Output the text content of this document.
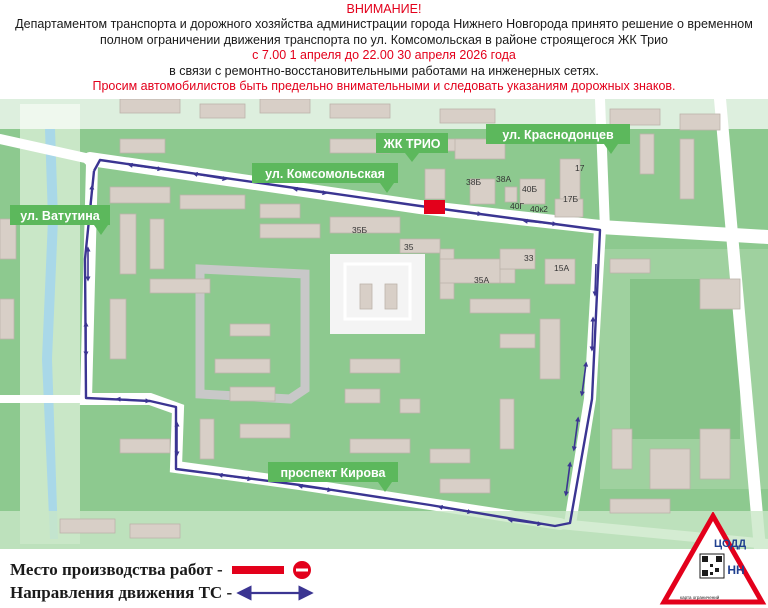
ВНИМАНИЕ!
Департаментом транспорта и дорожного хозяйства администрации города Нижнего Новгорода принято решение о временном
полном ограничении движения транспорта по ул. Комсомольская в районе строящегося ЖК Трио
с 7.00 1 апреля до 22.00 30 апреля 2026 года
в связи с ремонтно-восстановительными работами на инженерных сетях.
Просим автомобилистов быть предельно внимательными и следовать указаниям дорожных знаков.
38Б 38А
40Б
17
40Г 40к2
17Б
35Б
35
35А
33
15А
ЖК ТРИО
ул. Краснодонцев
ул. Комсомольская
ул. Ватутина
проспект Кирова
Место производства работ -
Направления движения ТС -
ЦОДД
НН
карта ограничений
